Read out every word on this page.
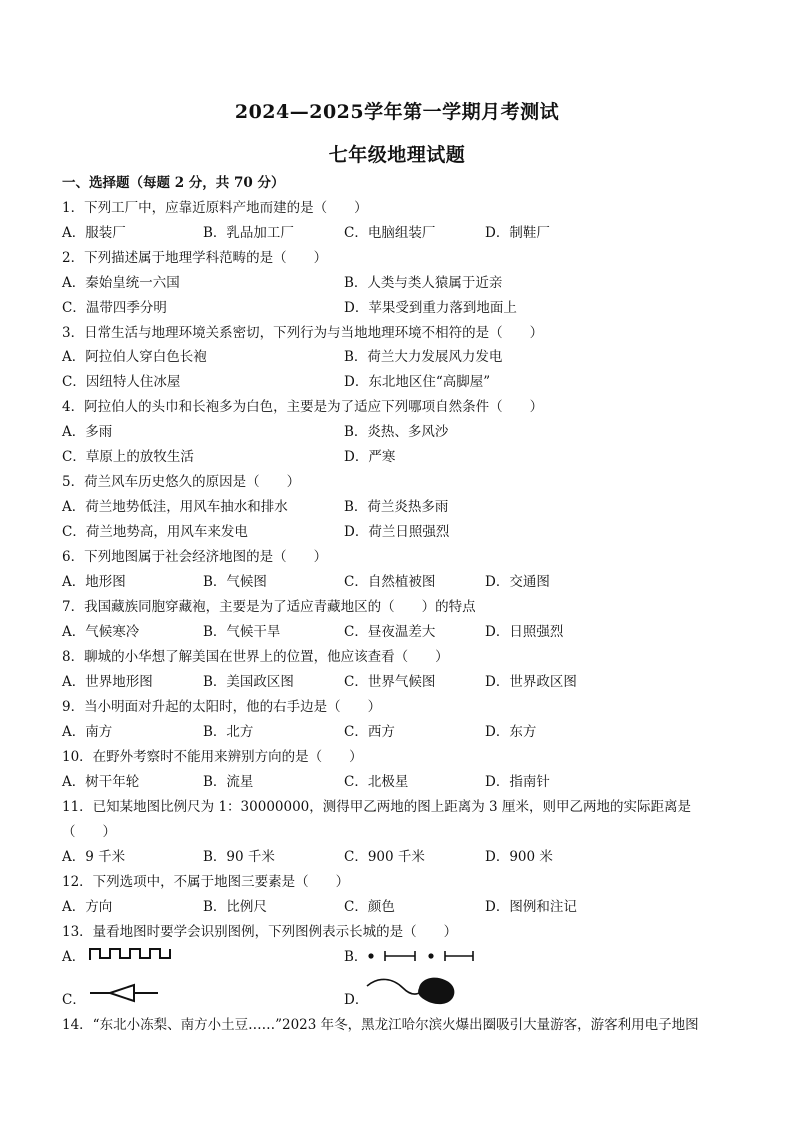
2024—2025学年第一学期月考测试
七年级地理试题
一、选择题（每题 2 分，共 70 分）
1．下列工厂中，应靠近原料产地而建的是（　　）
A．服装厂	B．乳品加工厂	C．电脑组装厂	D．制鞋厂
2．下列描述属于地理学科范畴的是（　　）
A．秦始皇统一六国	B．人类与类人猿属于近亲
C．温带四季分明	D．苹果受到重力落到地面上
3．日常生活与地理环境关系密切，下列行为与当地地理环境不相符的是（　　）
A．阿拉伯人穿白色长袍	B．荷兰大力发展风力发电
C．因纽特人住冰屋	D．东北地区住“高脚屋”
4．阿拉伯人的头巾和长袍多为白色，主要是为了适应下列哪项自然条件（　　）
A．多雨	B．炎热、多风沙
C．草原上的放牧生活	D．严寒
5．荷兰风车历史悠久的原因是（　　）
A．荷兰地势低洼，用风车抽水和排水	B．荷兰炎热多雨
C．荷兰地势高，用风车来发电	D．荷兰日照强烈
6．下列地图属于社会经济地图的是（　　）
A．地形图	B．气候图	C．自然植被图	D．交通图
7．我国藏族同胞穿藏袍，主要是为了适应青藏地区的（　　）的特点
A．气候寒冷	B．气候干旱	C．昼夜温差大	D．日照强烈
8．聊城的小华想了解美国在世界上的位置，他应该查看（　　）
A．世界地形图	B．美国政区图	C．世界气候图	D．世界政区图
9．当小明面对升起的太阳时，他的右手边是（　　）
A．南方	B．北方	C．西方	D．东方
10．在野外考察时不能用来辨别方向的是（　　）
A．树干年轮	B．流星	C．北极星	D．指南针
11．已知某地图比例尺为 1：30000000，测得甲乙两地的图上距离为 3 厘米，则甲乙两地的实际距离是
（　　）
A．9 千米	B．90 千米	C．900 千米	D．900 米
12．下列选项中，不属于地图三要素是（　　）
A．方向	B．比例尺	C．颜色	D．图例和注记
13．量看地图时要学会识别图例，下列图例表示长城的是（　　）
A．	B．
C．	D．
14．“东北小冻梨、南方小土豆……”2023 年冬，黑龙江哈尔滨火爆出圈吸引大量游客，游客利用电子地图
